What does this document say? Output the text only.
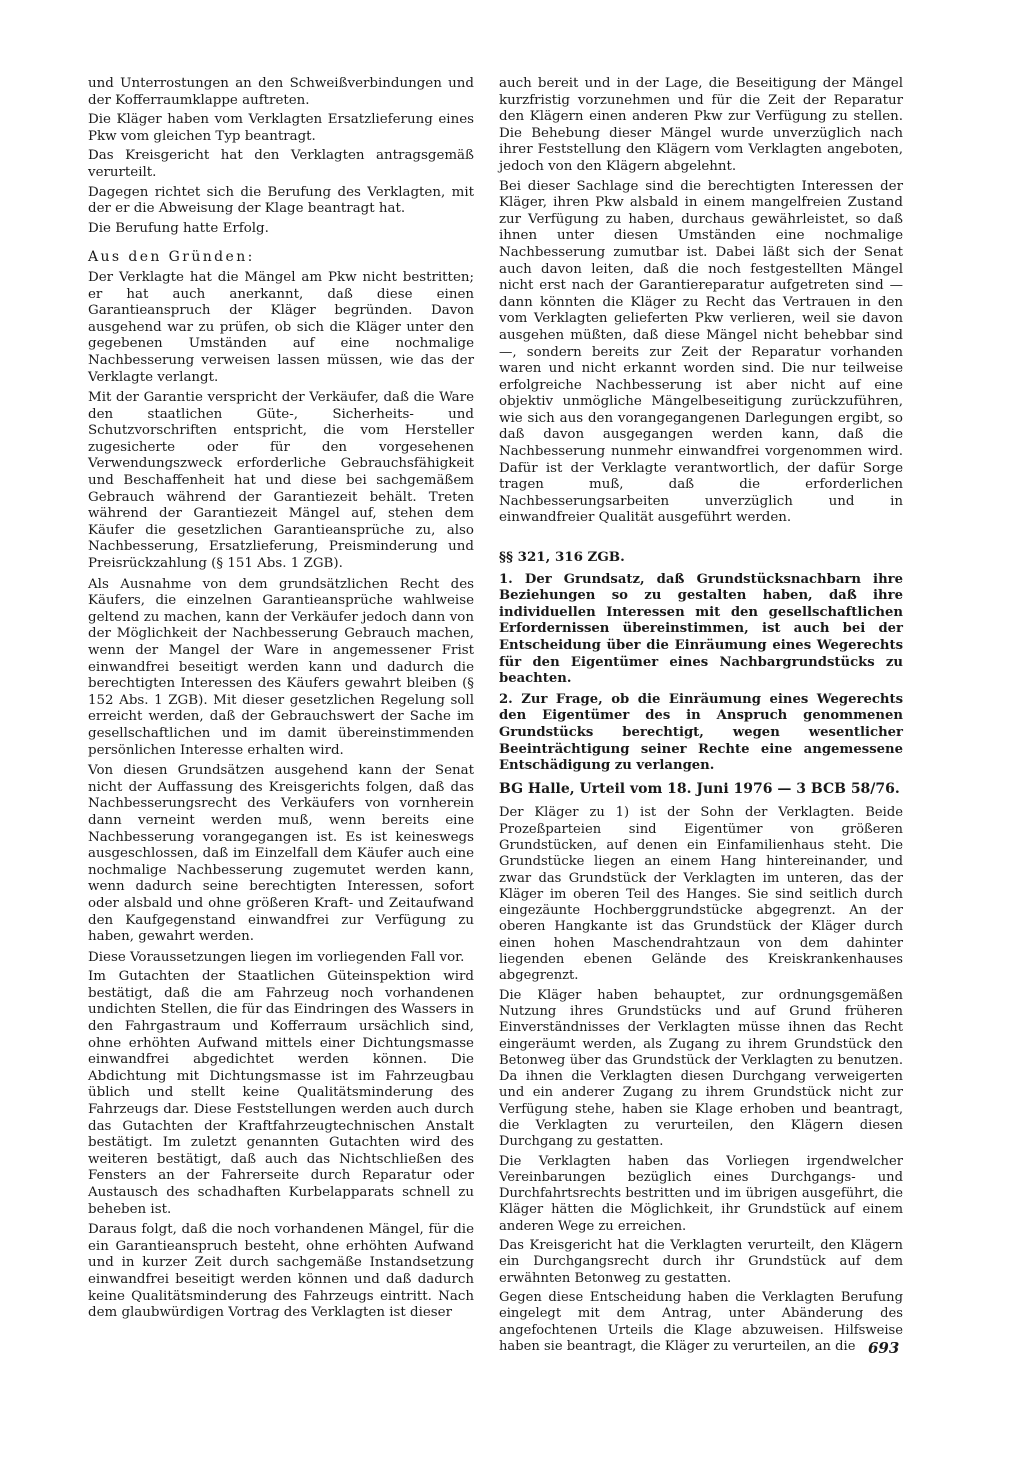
und Unterrostungen an den Schweißverbindungen und der Kofferraumklappe auftreten.

Die Kläger haben vom Verklagten Ersatzlieferung eines Pkw vom gleichen Typ beantragt.

Das Kreisgericht hat den Verklagten antragsgemäß verurteilt.

Dagegen richtet sich die Berufung des Verklagten, mit der er die Abweisung der Klage beantragt hat.

Die Berufung hatte Erfolg.

Aus den Gründen:

Der Verklagte hat die Mängel am Pkw nicht bestritten; er hat auch anerkannt, daß diese einen Garantieanspruch der Kläger begründen. Davon ausgehend war zu prüfen, ob sich die Kläger unter den gegebenen Umständen auf eine nochmalige Nachbesserung verweisen lassen müssen, wie das der Verklagte verlangt.

Mit der Garantie verspricht der Verkäufer, daß die Ware den staatlichen Güte-, Sicherheits- und Schutzvorschriften entspricht, die vom Hersteller zugesicherte oder für den vorgesehenen Verwendungszweck erforderliche Gebrauchsfähigkeit und Beschaffenheit hat und diese bei sachgemäßem Gebrauch während der Garantiezeit behält. Treten während der Garantiezeit Mängel auf, stehen dem Käufer die gesetzlichen Garantieansprüche zu, also Nachbesserung, Ersatzlieferung, Preisminderung und Preisrückzahlung (§ 151 Abs. 1 ZGB).

Als Ausnahme von dem grundsätzlichen Recht des Käufers, die einzelnen Garantieansprüche wahlweise geltend zu machen, kann der Verkäufer jedoch dann von der Möglichkeit der Nachbesserung Gebrauch machen, wenn der Mangel der Ware in angemessener Frist einwandfrei beseitigt werden kann und dadurch die berechtigten Interessen des Käufers gewahrt bleiben (§ 152 Abs. 1 ZGB). Mit dieser gesetzlichen Regelung soll erreicht werden, daß der Gebrauchswert der Sache im gesellschaftlichen und im damit übereinstimmenden persönlichen Interesse erhalten wird.

Von diesen Grundsätzen ausgehend kann der Senat nicht der Auffassung des Kreisgerichts folgen, daß das Nachbesserungsrecht des Verkäufers von vornherein dann verneint werden muß, wenn bereits eine Nachbesserung vorangegangen ist. Es ist keineswegs ausgeschlossen, daß im Einzelfall dem Käufer auch eine nochmalige Nachbesserung zugemutet werden kann, wenn dadurch seine berechtigten Interessen, sofort oder alsbald und ohne größeren Kraft- und Zeitaufwand den Kaufgegenstand einwandfrei zur Verfügung zu haben, gewahrt werden.

Diese Voraussetzungen liegen im vorliegenden Fall vor.

Im Gutachten der Staatlichen Güteinspektion wird bestätigt, daß die am Fahrzeug noch vorhandenen undichten Stellen, die für das Eindringen des Wassers in den Fahrgastraum und Kofferraum ursächlich sind, ohne erhöhten Aufwand mittels einer Dichtungsmasse einwandfrei abgedichtet werden können. Die Abdichtung mit Dichtungsmasse ist im Fahrzeugbau üblich und stellt keine Qualitätsminderung des Fahrzeugs dar. Diese Feststellungen werden auch durch das Gutachten der Kraftfahrzeugtechnischen Anstalt bestätigt. Im zuletzt genannten Gutachten wird des weiteren bestätigt, daß auch das Nichtschließen des Fensters an der Fahrerseite durch Reparatur oder Austausch des schadhaften Kurbelapparats schnell zu beheben ist.

Daraus folgt, daß die noch vorhandenen Mängel, für die ein Garantieanspruch besteht, ohne erhöhten Aufwand und in kurzer Zeit durch sachgemäße Instandsetzung einwandfrei beseitigt werden können und daß dadurch keine Qualitätsminderung des Fahrzeugs eintritt. Nach dem glaubwürdigen Vortrag des Verklagten ist dieser

auch bereit und in der Lage, die Beseitigung der Mängel kurzfristig vorzunehmen und für die Zeit der Reparatur den Klägern einen anderen Pkw zur Verfügung zu stellen. Die Behebung dieser Mängel wurde unverzüglich nach ihrer Feststellung den Klägern vom Verklagten angeboten, jedoch von den Klägern abgelehnt.

Bei dieser Sachlage sind die berechtigten Interessen der Kläger, ihren Pkw alsbald in einem mangelfreien Zustand zur Verfügung zu haben, durchaus gewährleistet, so daß ihnen unter diesen Umständen eine nochmalige Nachbesserung zumutbar ist. Dabei läßt sich der Senat auch davon leiten, daß die noch festgestellten Mängel nicht erst nach der Garantiereparatur aufgetreten sind — dann könnten die Kläger zu Recht das Vertrauen in den vom Verklagten gelieferten Pkw verlieren, weil sie davon ausgehen müßten, daß diese Mängel nicht behebbar sind —, sondern bereits zur Zeit der Reparatur vorhanden waren und nicht erkannt worden sind. Die nur teilweise erfolgreiche Nachbesserung ist aber nicht auf eine objektiv unmögliche Mängelbeseitigung zurückzuführen, wie sich aus den vorangegangenen Darlegungen ergibt, so daß davon ausgegangen werden kann, daß die Nachbesserung nunmehr einwandfrei vorgenommen wird. Dafür ist der Verklagte verantwortlich, der dafür Sorge tragen muß, daß die erforderlichen Nachbesserungsarbeiten unverzüglich und in einwandfreier Qualität ausgeführt werden.

§§ 321, 316 ZGB.

1. Der Grundsatz, daß Grundstücksnachbarn ihre Beziehungen so zu gestalten haben, daß ihre individuellen Interessen mit den gesellschaftlichen Erfordernissen übereinstimmen, ist auch bei der Entscheidung über die Einräumung eines Wegerechts für den Eigentümer eines Nachbargrundstücks zu beachten.

2. Zur Frage, ob die Einräumung eines Wegerechts den Eigentümer des in Anspruch genommenen Grundstücks berechtigt, wegen wesentlicher Beeinträchtigung seiner Rechte eine angemessene Entschädigung zu verlangen.

BG Halle, Urteil vom 18. Juni 1976 — 3 BCB 58/76.

Der Kläger zu 1) ist der Sohn der Verklagten. Beide Prozeßparteien sind Eigentümer von größeren Grundstücken, auf denen ein Einfamilienhaus steht. Die Grundstücke liegen an einem Hang hintereinander, und zwar das Grundstück der Verklagten im unteren, das der Kläger im oberen Teil des Hanges. Sie sind seitlich durch eingezäunte Hochberggrundstücke abgegrenzt. An der oberen Hangkante ist das Grundstück der Kläger durch einen hohen Maschendrahtzaun von dem dahinter liegenden ebenen Gelände des Kreiskrankenhauses abgegrenzt.

Die Kläger haben behauptet, zur ordnungsgemäßen Nutzung ihres Grundstücks und auf Grund früheren Einverständnisses der Verklagten müsse ihnen das Recht eingeräumt werden, als Zugang zu ihrem Grundstück den Betonweg über das Grundstück der Verklagten zu benutzen. Da ihnen die Verklagten diesen Durchgang verweigerten und ein anderer Zugang zu ihrem Grundstück nicht zur Verfügung stehe, haben sie Klage erhoben und beantragt, die Verklagten zu verurteilen, den Klägern diesen Durchgang zu gestatten.

Die Verklagten haben das Vorliegen irgendwelcher Vereinbarungen bezüglich eines Durchgangs- und Durchfahrtsrechts bestritten und im übrigen ausgeführt, die Kläger hätten die Möglichkeit, ihr Grundstück auf einem anderen Wege zu erreichen.

Das Kreisgericht hat die Verklagten verurteilt, den Klägern ein Durchgangsrecht durch ihr Grundstück auf dem erwähnten Betonweg zu gestatten.

Gegen diese Entscheidung haben die Verklagten Berufung eingelegt mit dem Antrag, unter Abänderung des angefochtenen Urteils die Klage abzuweisen. Hilfsweise haben sie beantragt, die Kläger zu verurteilen, an die 693
